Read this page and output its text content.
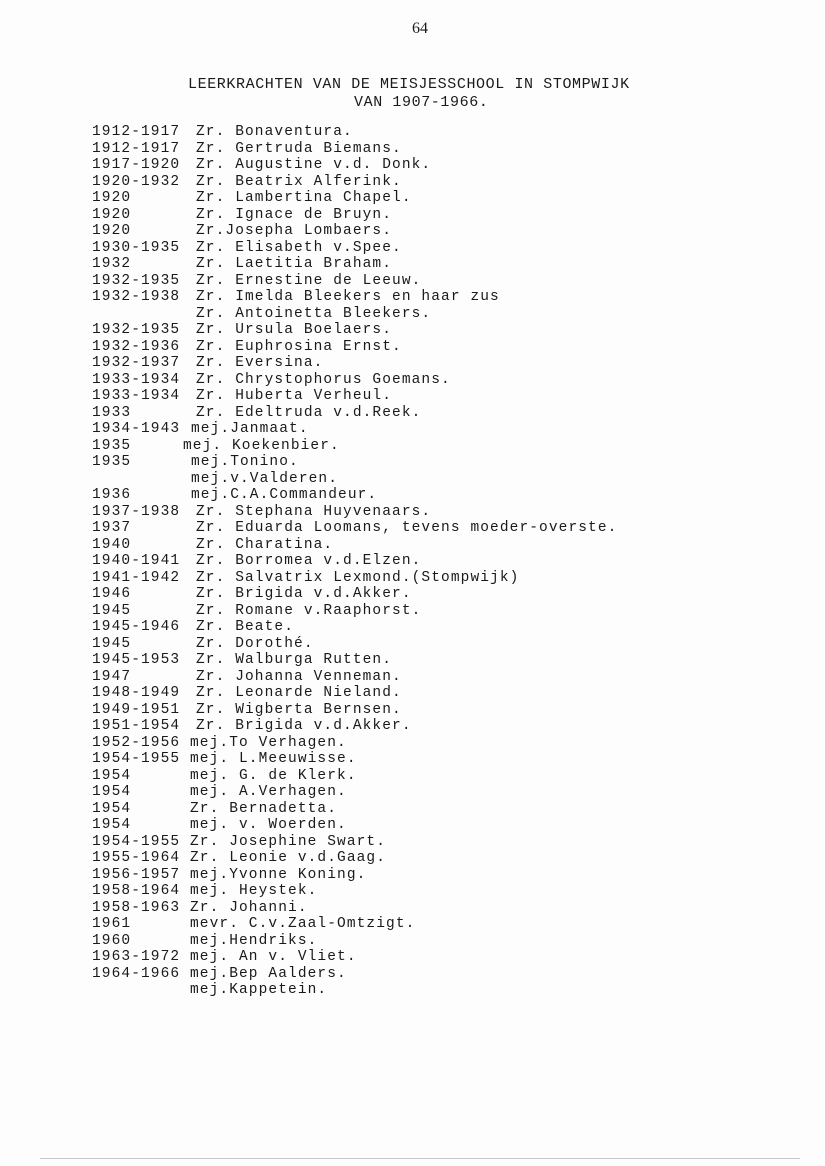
64
LEERKRACHTEN VAN DE MEISJESSCHOOL IN STOMPWIJK
VAN 1907-1966.
1912-1917	Zr. Bonaventura.
1912-1917	Zr. Gertruda Biemans.
1917-1920	Zr. Augustine v.d. Donk.
1920-1932	Zr. Beatrix Alferink.
1920	Zr. Lambertina Chapel.
1920	Zr. Ignace de Bruyn.
1920	Zr.Josepha Lombaers.
1930-1935	Zr. Elisabeth v.Spee.
1932	Zr. Laetitia Braham.
1932-1935	Zr. Ernestine de Leeuw.
1932-1938	Zr. Imelda Bleekers en haar zus
Zr. Antoinetta Bleekers.
1932-1935	Zr. Ursula Boelaers.
1932-1936	Zr. Euphrosina Ernst.
1932-1937	Zr. Eversina.
1933-1934	Zr. Chrystophorus Goemans.
1933-1934	Zr. Huberta Verheul.
1933	Zr. Edeltruda v.d.Reek.
1934-1943 mej.Janmaat.
1935	mej. Koekenbier.
1935	mej.Tonino.
mej.v.Valderen.
1936	mej.C.A.Commandeur.
1937-1938	Zr. Stephana Huyvenaars.
1937	Zr. Eduarda Loomans, tevens moeder-overste.
1940	Zr. Charatina.
1940-1941	Zr. Borromea v.d.Elzen.
1941-1942	Zr. Salvatrix Lexmond.(Stompwijk)
1946	Zr. Brigida v.d.Akker.
1945	Zr. Romane v.Raaphorst.
1945-1946	Zr. Beate.
1945	Zr. Dorothé.
1945-1953	Zr. Walburga Rutten.
1947	Zr. Johanna Venneman.
1948-1949	Zr. Leonarde Nieland.
1949-1951	Zr. Wigberta Bernsen.
1951-1954	Zr. Brigida v.d.Akker.
1952-1956 mej.To Verhagen.
1954-1955 mej. L.Meeuwisse.
1954	mej. G. de Klerk.
1954	mej. A.Verhagen.
1954	Zr. Bernadetta.
1954	mej. v. Woerden.
1954-1955 Zr. Josephine Swart.
1955-1964 Zr. Leonie v.d.Gaag.
1956-1957 mej.Yvonne Koning.
1958-1964 mej. Heystek.
1958-1963 Zr. Johanni.
1961	mevr. C.v.Zaal-Omtzigt.
1960	mej.Hendriks.
1963-1972 mej. An v. Vliet.
1964-1966 mej.Bep Aalders.
mej.Kappetein.
